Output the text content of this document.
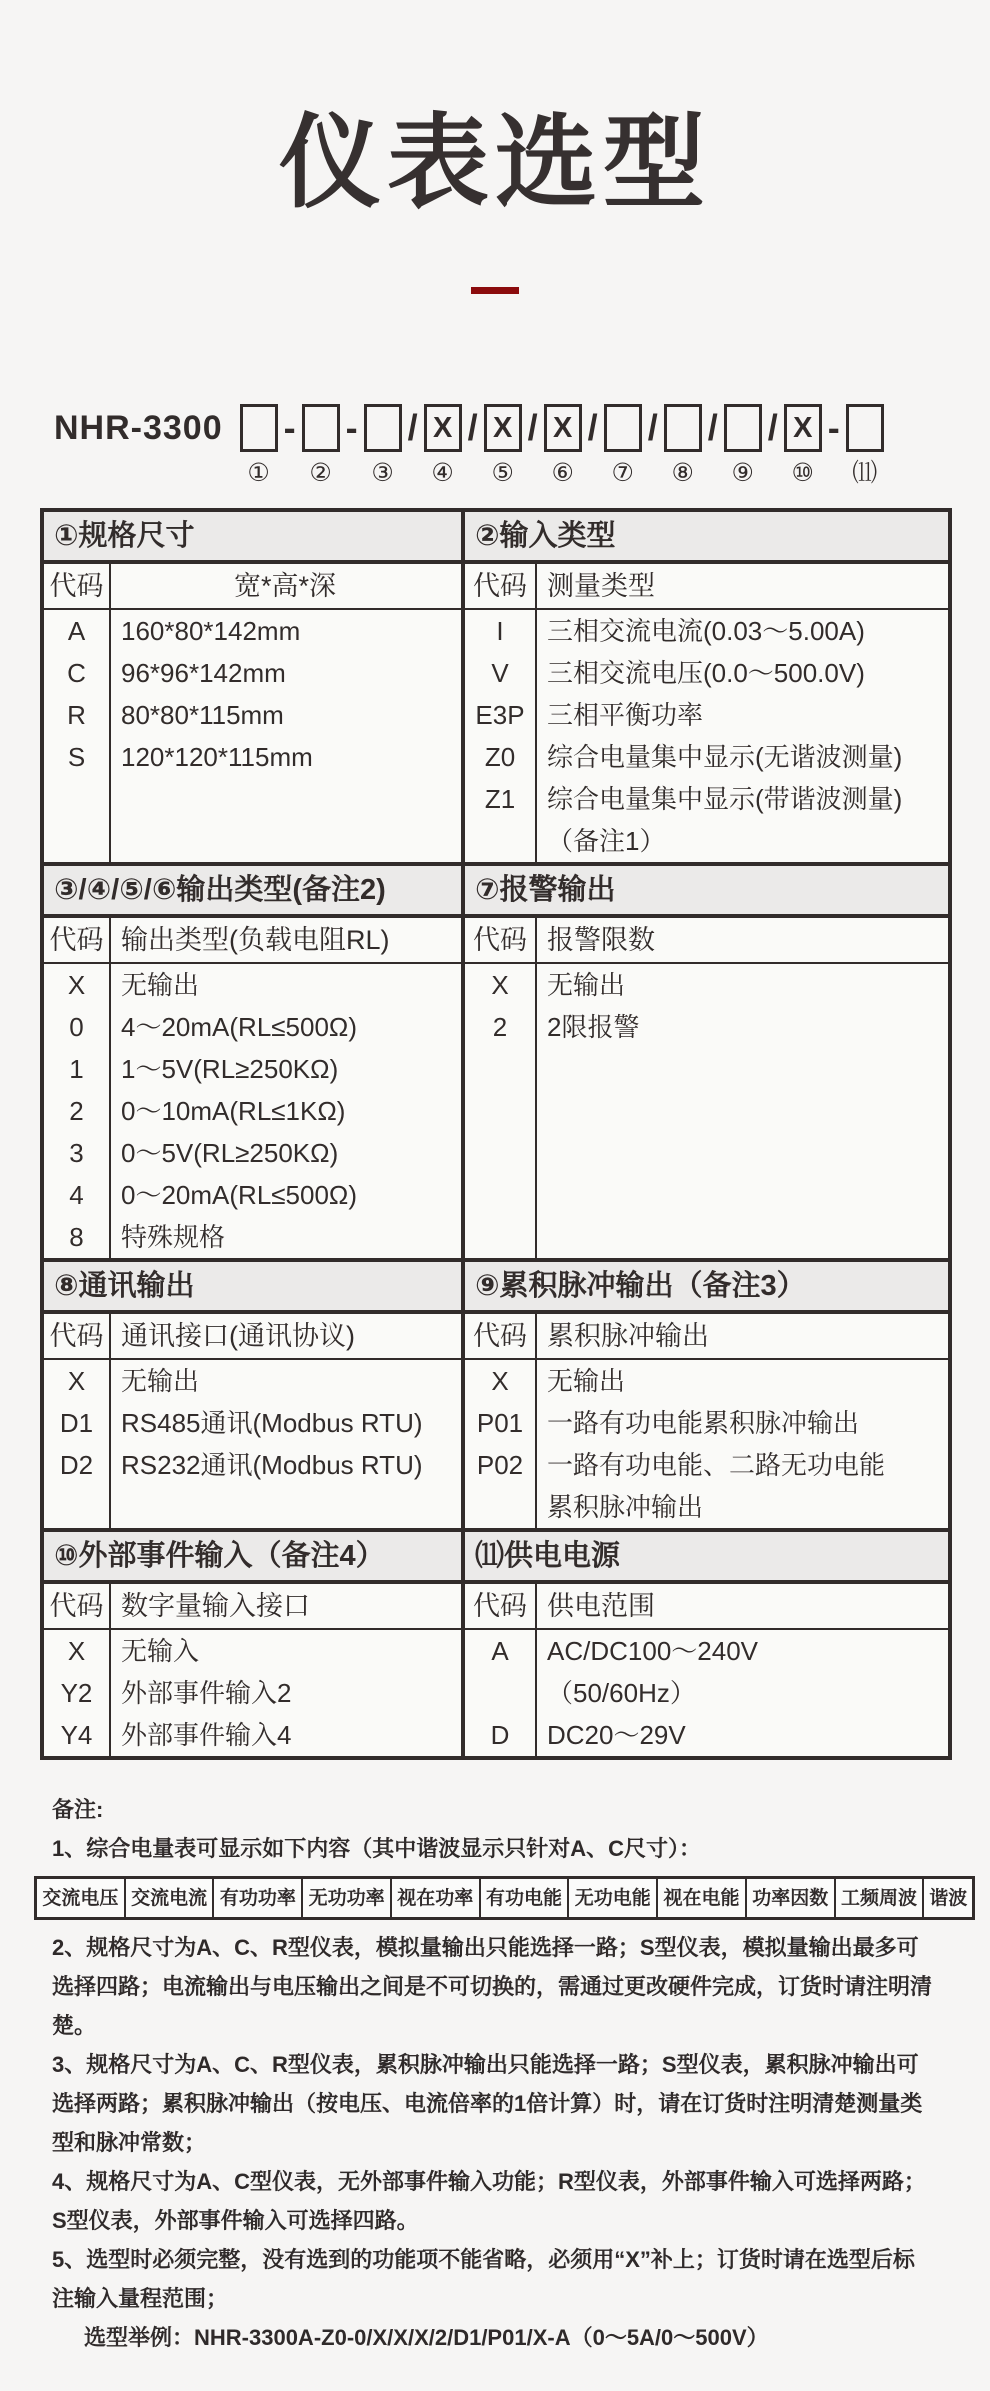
仪表选型
NHR-3300
①
-
②
-
③
/ X
④
/ X
⑤
/ X
⑥
/
⑦
/
⑧
/
⑨
/ X
⑩
-
⑾
①规格尺寸
代码	宽*高*深
A	160*80*142mm
C	96*96*142mm
R	80*80*115mm
S	120*120*115mm
②输入类型
代码 测量类型
I	三相交流电流(0.03～5.00A)
V	三相交流电压(0.0～500.0V)
E3P 三相平衡功率
Z0	综合电量集中显示(无谐波测量)
Z1	综合电量集中显示(带谐波测量)
（备注1）
③/④/⑤/⑥输出类型(备注2)
代码 输出类型(负载电阻RL)
X	无输出
0	4～20mA(RL≤500Ω)
1	1～5V(RL≥250KΩ)
2	0～10mA(RL≤1KΩ)
3	0～5V(RL≥250KΩ)
4	0～20mA(RL≤500Ω)
8	特殊规格
⑦报警输出
代码 报警限数
X	无输出
2	2限报警
⑧通讯输出
代码 通讯接口(通讯协议)
X	无输出
D1	RS485通讯(Modbus RTU)
D2	RS232通讯(Modbus RTU)
⑨累积脉冲输出（备注3）
代码 累积脉冲输出
X	无输出
P01 一路有功电能累积脉冲输出
P02 一路有功电能、二路无功电能
累积脉冲输出
⑩外部事件输入（备注4）
代码 数字量输入接口
X	无输入
Y2	外部事件输入2
Y4	外部事件输入4
⑾供电电源
代码 供电范围
A	AC/DC100～240V
（50/60Hz）
D	DC20～29V

备注:

1、综合电量表可显示如下内容（其中谐波显示只针对A、C尺寸）：

交流电压 交流电流 有功功率 无功功率 视在功率 有功电能 无功电能 视在电能 功率因数 工频周波 谐波

2、规格尺寸为A、C、R型仪表，模拟量输出只能选择一路；S型仪表，模拟量输出最多可选择四路；电流输出与电压输出之间是不可切换的，需通过更改硬件完成，订货时请注明清楚。

3、规格尺寸为A、C、R型仪表，累积脉冲输出只能选择一路；S型仪表，累积脉冲输出可选择两路；累积脉冲输出（按电压、电流倍率的1倍计算）时，请在订货时注明清楚测量类型和脉冲常数；

4、规格尺寸为A、C型仪表，无外部事件输入功能；R型仪表，外部事件输入可选择两路；S型仪表，外部事件输入可选择四路。

5、选型时必须完整，没有选到的功能项不能省略，必须用“X”补上；订货时请在选型后标注输入量程范围；

选型举例：NHR-3300A-Z0-0/X/X/X/2/D1/P01/X-A（0～5A/0～500V）
